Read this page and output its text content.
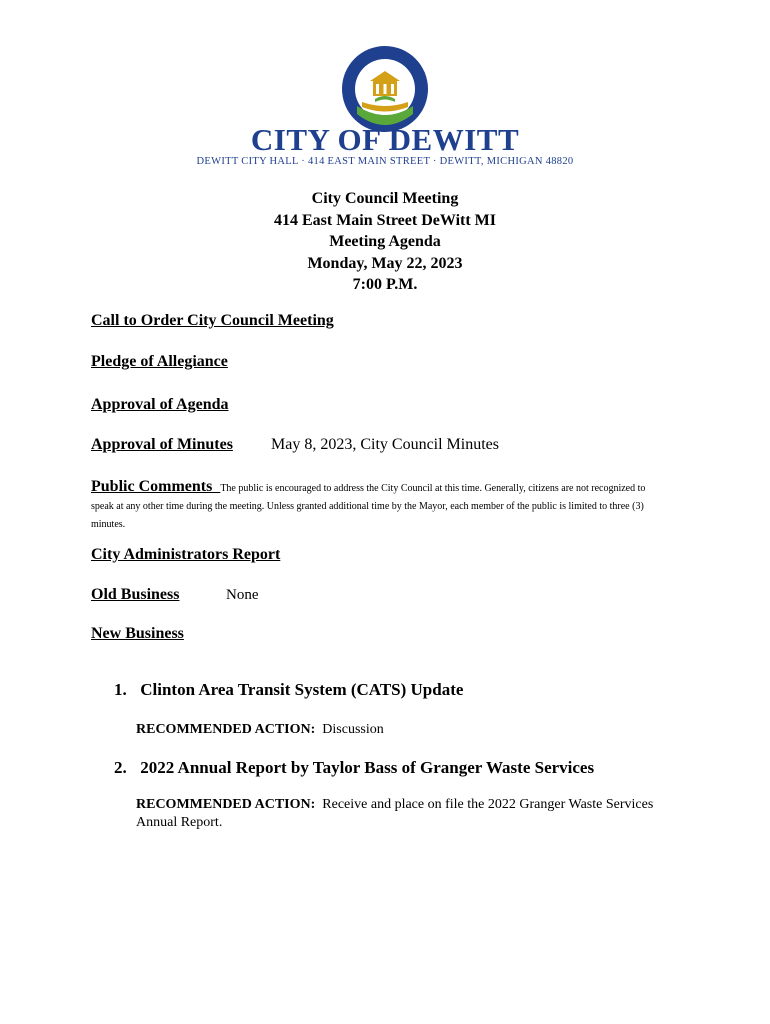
CITY OF DEWITT
DEWITT CITY HALL · 414 EAST MAIN STREET · DEWITT, MICHIGAN 48820
City Council Meeting
414 East Main Street DeWitt MI
Meeting Agenda
Monday, May 22, 2023
7:00 P.M.
Call to Order City Council Meeting
Pledge of Allegiance
Approval of Agenda
Approval of Minutes May 8, 2023, City Council Minutes
Public Comments  The public is encouraged to address the City Council at this time. Generally, citizens are not recognized to speak at any other time during the meeting. Unless granted additional time by the Mayor, each member of the public is limited to three (3) minutes.
City Administrators Report
Old Business	None
New Business
1. Clinton Area Transit System (CATS) Update
RECOMMENDED ACTION:  Discussion
2. 2022 Annual Report by Taylor Bass of Granger Waste Services
RECOMMENDED ACTION:  Receive and place on file the 2022 Granger Waste Services Annual Report.
